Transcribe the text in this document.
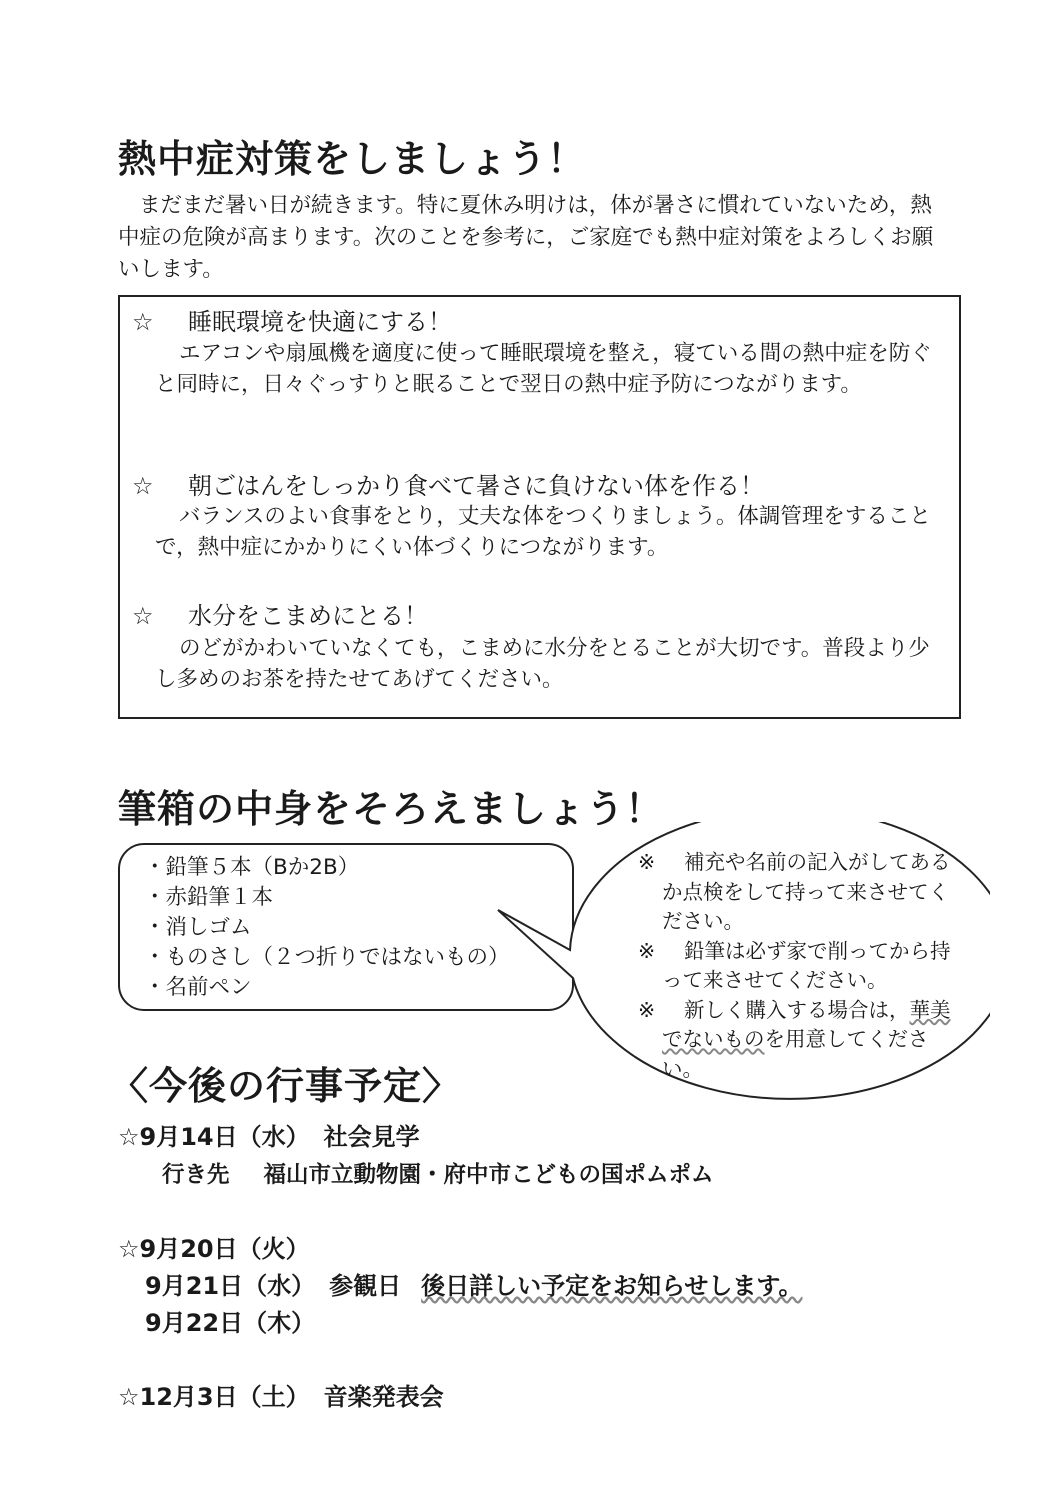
熱中症対策をしましょう！
まだまだ暑い日が続きます。特に夏休み明けは，体が暑さに慣れていないため，熱中症の危険が高まります。次のことを参考に，ご家庭でも熱中症対策をよろしくお願いします。
☆ 睡眠環境を快適にする！
エアコンや扇風機を適度に使って睡眠環境を整え，寝ている間の熱中症を防ぐと同時に，日々ぐっすりと眠ることで翌日の熱中症予防につながります。
☆ 朝ごはんをしっかり食べて暑さに負けない体を作る！
バランスのよい食事をとり，丈夫な体をつくりましょう。体調管理をすることで，熱中症にかかりにくい体づくりにつながります。
☆ 水分をこまめにとる！
のどがかわいていなくても，こまめに水分をとることが大切です。普段より少し多めのお茶を持たせてあげてください。
筆箱の中身をそろえましょう！
・ 鉛筆５本（Bか2B）
・ 赤鉛筆１本
・ 消しゴム
・ ものさし（２つ折りではないもの）
・ 名前ペン
※ 補充や名前の記入がしてあるか点検をして持って来させてください。
※ 鉛筆は必ず家で削ってから持って来させてください。
※ 新しく購入する場合は，華美でないものを用意してください。
〈今後の行事予定〉
☆9月14日（水） 社会見学
行き先 福山市立動物園・府中市こどもの国ポムポム
☆9月20日（火）
9月21日（水） 参観日 後日詳しい予定をお知らせします。
9月22日（木）
☆12月3日（土） 音楽発表会
